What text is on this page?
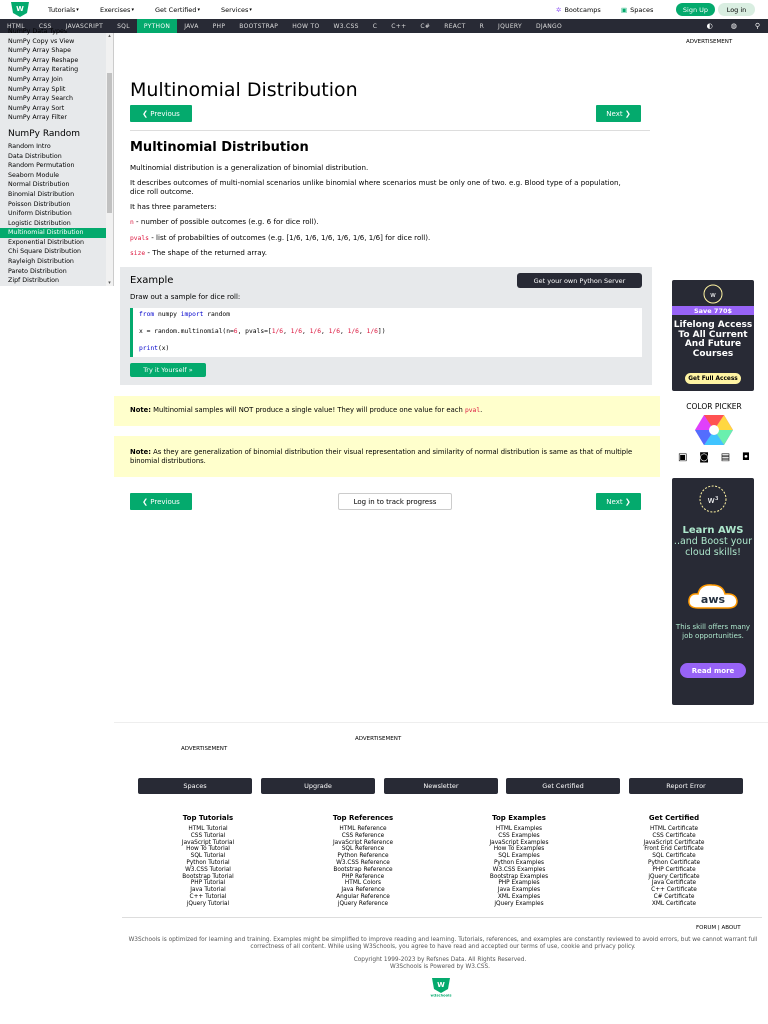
W	Tutorials ▾	Exercises ▾	Get Certified ▾	Services ▾	✲ Bootcamps	▣ Spaces	Sign Up	Log in
HTML	CSS	JAVASCRIPT	SQL	PYTHON	JAVA	PHP	BOOTSTRAP	HOW TO	W3.CSS	C	C++	C#	REACT	R	JQUERY	DJANGO	◐	◍	⚲
NumPy Data Types
NumPy Copy vs View
NumPy Array Shape
NumPy Array Reshape
NumPy Array Iterating
NumPy Array Join
NumPy Array Split
NumPy Array Search
NumPy Array Sort
NumPy Array Filter
NumPy Random
Random Intro
Data Distribution
Random Permutation
Seaborn Module
Normal Distribution
Binomial Distribution
Poisson Distribution
Uniform Distribution
Logistic Distribution
Multinomial Distribution
Exponential Distribution
Chi Square Distribution
Rayleigh Distribution
Pareto Distribution
Zipf Distribution
▴
▾
Multinomial Distribution
❮ Previous	Next ❯
Multinomial Distribution
Multinomial distribution is a generalization of binomial distribution.
It describes outcomes of multi-nomial scenarios unlike binomial where scenarios must be only one of two. e.g. Blood type of a population, dice roll outcome.
It has three parameters:
n - number of possible outcomes (e.g. 6 for dice roll).
pvals - list of probabilties of outcomes (e.g. [1/6, 1/6, 1/6, 1/6, 1/6, 1/6] for dice roll).
size - The shape of the returned array.
Example	Get your own Python Server
Draw out a sample for dice roll:
from numpy import random
x = random.multinomial(n=6, pvals=[1/6, 1/6, 1/6, 1/6, 1/6, 1/6])
print(x)
Try it Yourself »
Note: Multinomial samples will NOT produce a single value! They will produce one value for each pval.
Note: As they are generalization of binomial distribution their visual representation and similarity of normal distribution is same as that of multiple binomial distributions.
❮ Previous	Log in to track progress	Next ❯
ADVERTISEMENT
w
Save 770$
Lifelong Access To All Current And Future Courses
Get Full Access
COLOR PICKER
▣ ◙ ▤ ◘
w³
Learn AWS
..and Boost your cloud skills!
aws
This skill offers many job opportunities.
Read more
ADVERTISEMENT
ADVERTISEMENT
Spaces	Upgrade	Newsletter	Get Certified	Report Error
Top Tutorials
HTML Tutorial
CSS Tutorial
JavaScript Tutorial
How To Tutorial
SQL Tutorial
Python Tutorial
W3.CSS Tutorial
Bootstrap Tutorial
PHP Tutorial
Java Tutorial
C++ Tutorial
jQuery Tutorial
Top References
HTML Reference
CSS Reference
JavaScript Reference
SQL Reference
Python Reference
W3.CSS Reference
Bootstrap Reference
PHP Reference
HTML Colors
Java Reference
Angular Reference
jQuery Reference
Top Examples
HTML Examples
CSS Examples
JavaScript Examples
How To Examples
SQL Examples
Python Examples
W3.CSS Examples
Bootstrap Examples
PHP Examples
Java Examples
XML Examples
jQuery Examples
Get Certified
HTML Certificate
CSS Certificate
JavaScript Certificate
Front End Certificate
SQL Certificate
Python Certificate
PHP Certificate
jQuery Certificate
Java Certificate
C++ Certificate
C# Certificate
XML Certificate
FORUM | ABOUT
W3Schools is optimized for learning and training. Examples might be simplified to improve reading and learning. Tutorials, references, and examples are constantly reviewed to avoid errors, but we cannot warrant full correctness of all content. While using W3Schools, you agree to have read and accepted our terms of use, cookie and privacy policy.
Copyright 1999-2023 by Refsnes Data. All Rights Reserved.
W3Schools is Powered by W3.CSS.
W
w3schools
